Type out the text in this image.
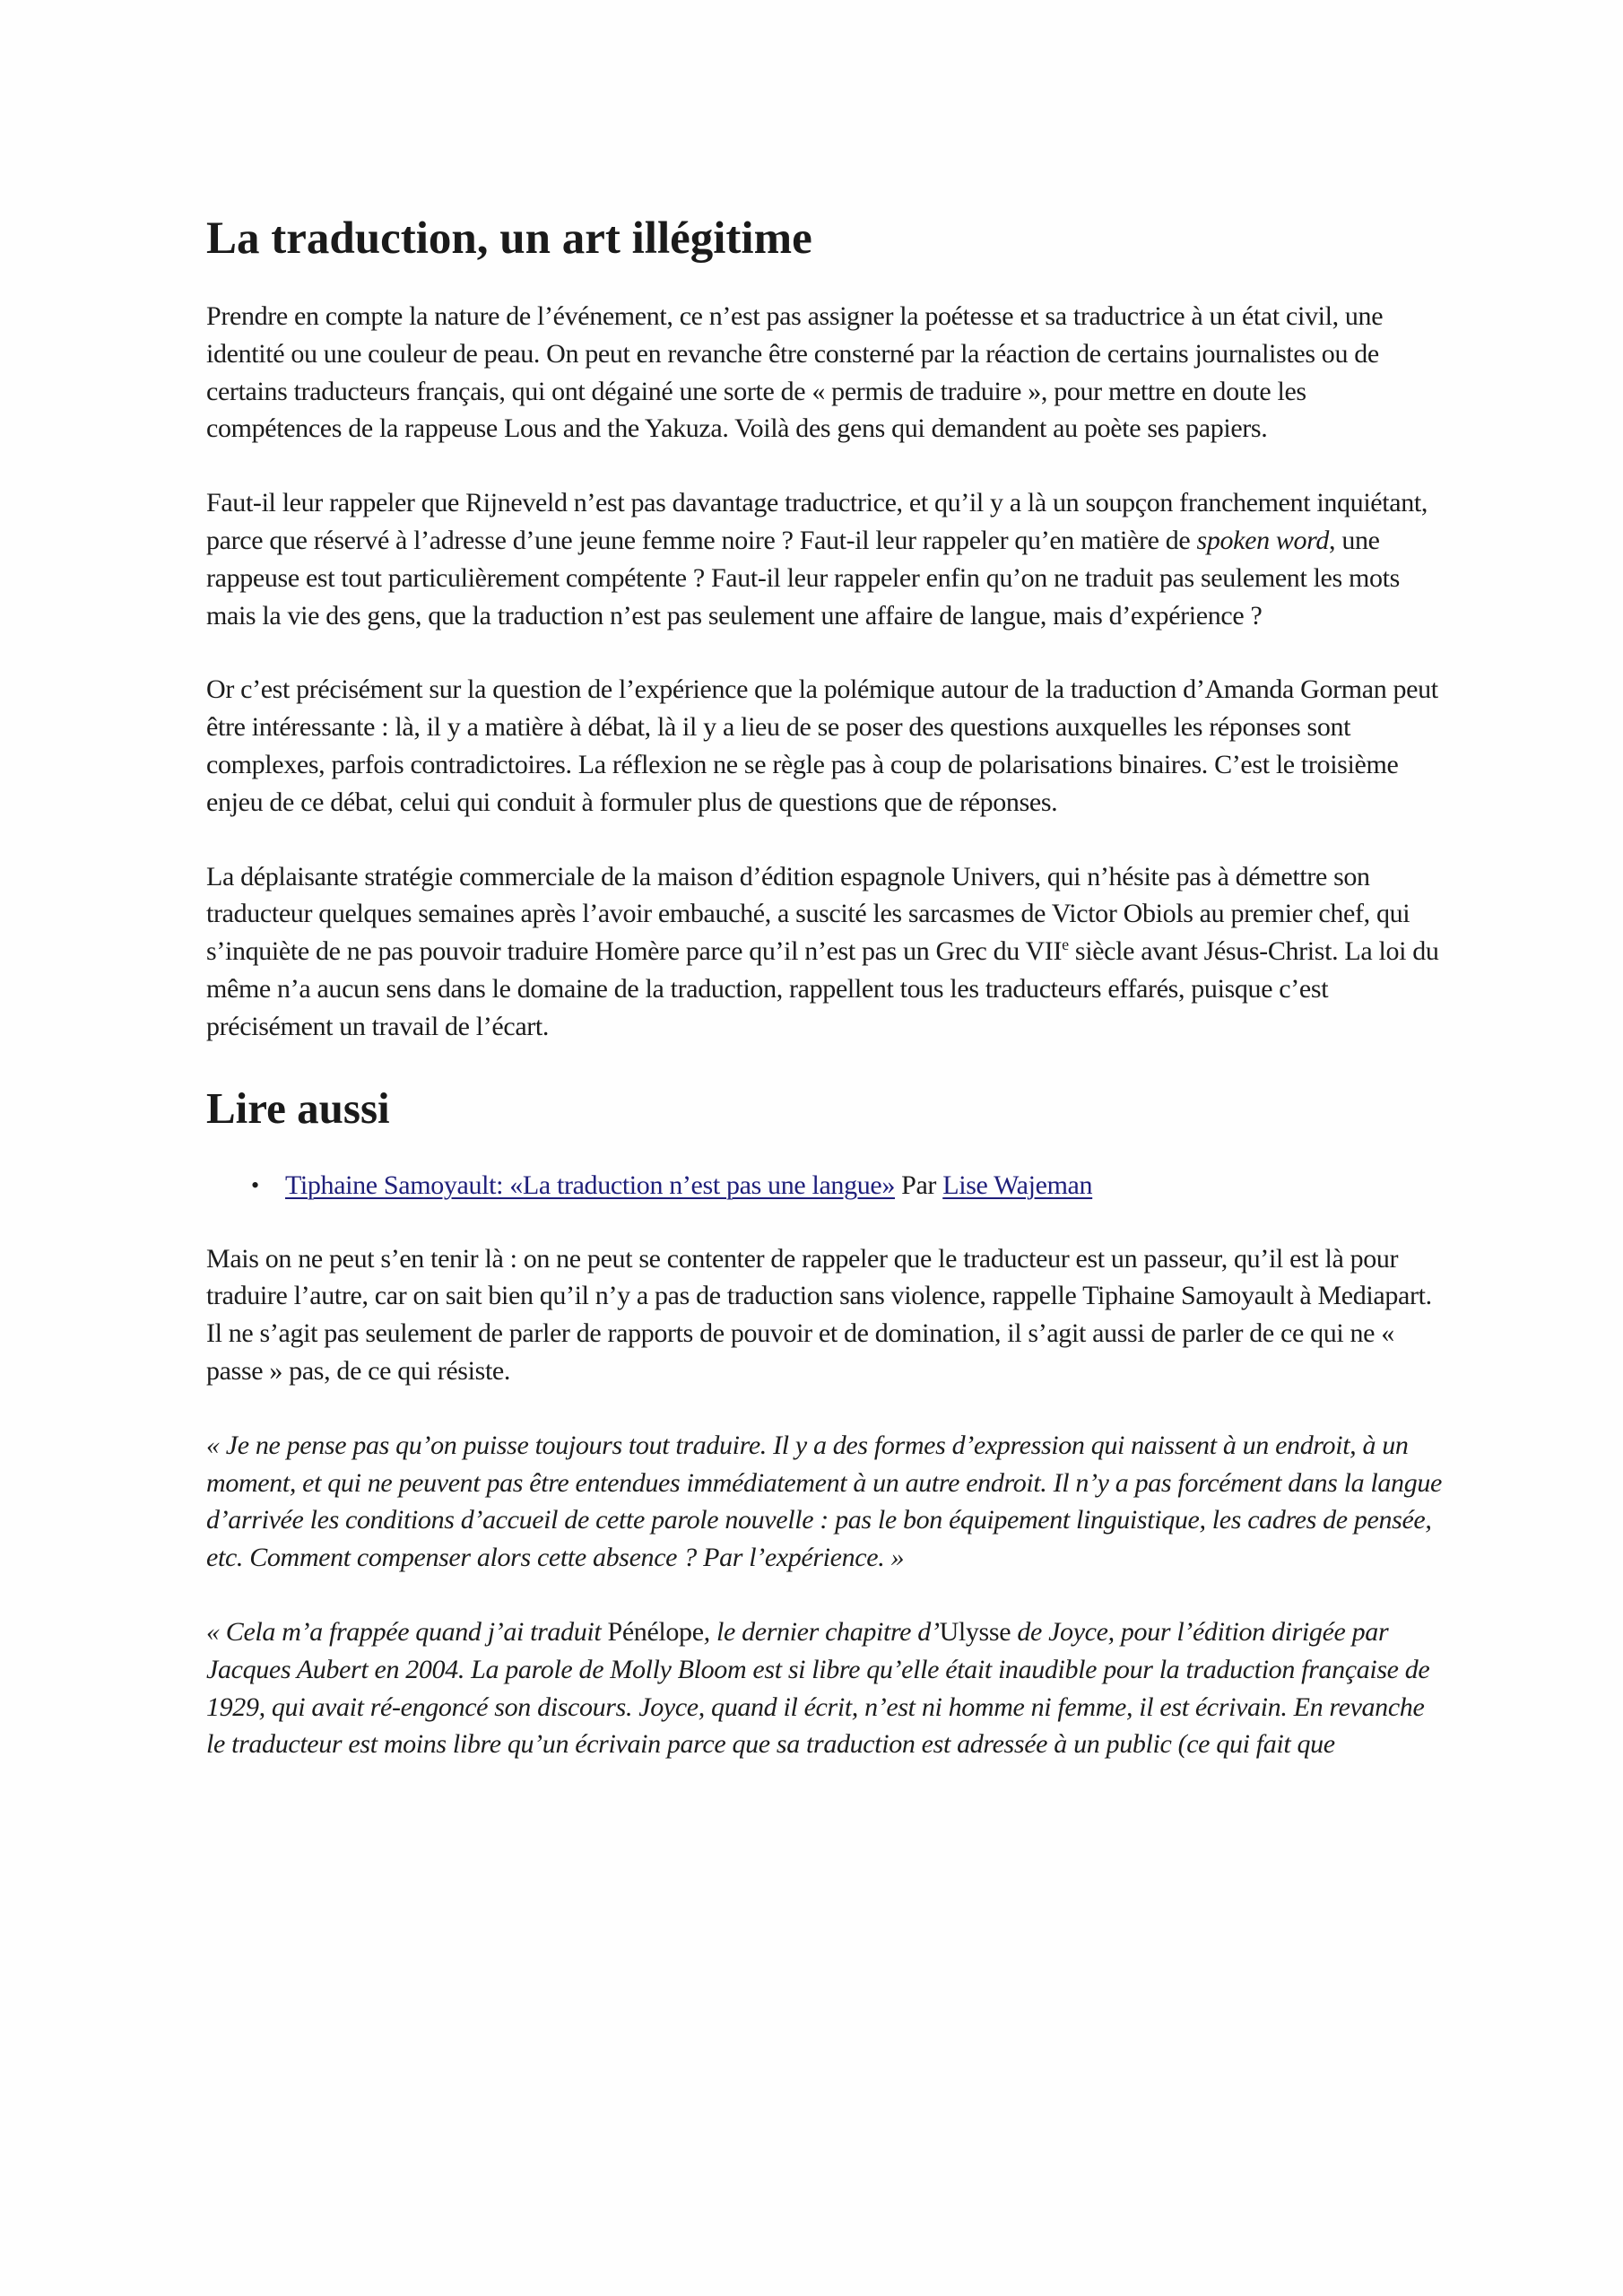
La traduction, un art illégitime

Prendre en compte la nature de l’événement, ce n’est pas assigner la poétesse et sa traductrice à un état civil, une identité ou une couleur de peau. On peut en revanche être consterné par la réaction de certains journalistes ou de certains traducteurs français, qui ont dégainé une sorte de « permis de traduire », pour mettre en doute les compétences de la rappeuse Lous and the Yakuza. Voilà des gens qui demandent au poète ses papiers.

Faut-il leur rappeler que Rijneveld n’est pas davantage traductrice, et qu’il y a là un soupçon franchement inquiétant, parce que réservé à l’adresse d’une jeune femme noire ? Faut-il leur rappeler qu’en matière de spoken word, une rappeuse est tout particulièrement compétente ? Faut-il leur rappeler enfin qu’on ne traduit pas seulement les mots mais la vie des gens, que la traduction n’est pas seulement une affaire de langue, mais d’expérience ?

Or c’est précisément sur la question de l’expérience que la polémique autour de la traduction d’Amanda Gorman peut être intéressante : là, il y a matière à débat, là il y a lieu de se poser des questions auxquelles les réponses sont complexes, parfois contradictoires. La réflexion ne se règle pas à coup de polarisations binaires. C’est le troisième enjeu de ce débat, celui qui conduit à formuler plus de questions que de réponses.

La déplaisante stratégie commerciale de la maison d’édition espagnole Univers, qui n’hésite pas à démettre son traducteur quelques semaines après l’avoir embauché, a suscité les sarcasmes de Victor Obiols au premier chef, qui s’inquiète de ne pas pouvoir traduire Homère parce qu’il n’est pas un Grec du VIIe siècle avant Jésus-Christ. La loi du même n’a aucun sens dans le domaine de la traduction, rappellent tous les traducteurs effarés, puisque c’est précisément un travail de l’écart.

Lire aussi
• Tiphaine Samoyault: «La traduction n’est pas une langue» Par Lise Wajeman

Mais on ne peut s’en tenir là : on ne peut se contenter de rappeler que le traducteur est un passeur, qu’il est là pour traduire l’autre, car on sait bien qu’il n’y a pas de traduction sans violence, rappelle Tiphaine Samoyault à Mediapart. Il ne s’agit pas seulement de parler de rapports de pouvoir et de domination, il s’agit aussi de parler de ce qui ne « passe » pas, de ce qui résiste.

« Je ne pense pas qu’on puisse toujours tout traduire. Il y a des formes d’expression qui naissent à un endroit, à un moment, et qui ne peuvent pas être entendues immédiatement à un autre endroit. Il n’y a pas forcément dans la langue d’arrivée les conditions d’accueil de cette parole nouvelle : pas le bon équipement linguistique, les cadres de pensée, etc. Comment compenser alors cette absence ? Par l’expérience. »

« Cela m’a frappée quand j’ai traduit Pénélope, le dernier chapitre d’Ulysse de Joyce, pour l’édition dirigée par Jacques Aubert en 2004. La parole de Molly Bloom est si libre qu’elle était inaudible pour la traduction française de 1929, qui avait ré-engoncé son discours. Joyce, quand il écrit, n’est ni homme ni femme, il est écrivain. En revanche le traducteur est moins libre qu’un écrivain parce que sa traduction est adressée à un public (ce qui fait que
